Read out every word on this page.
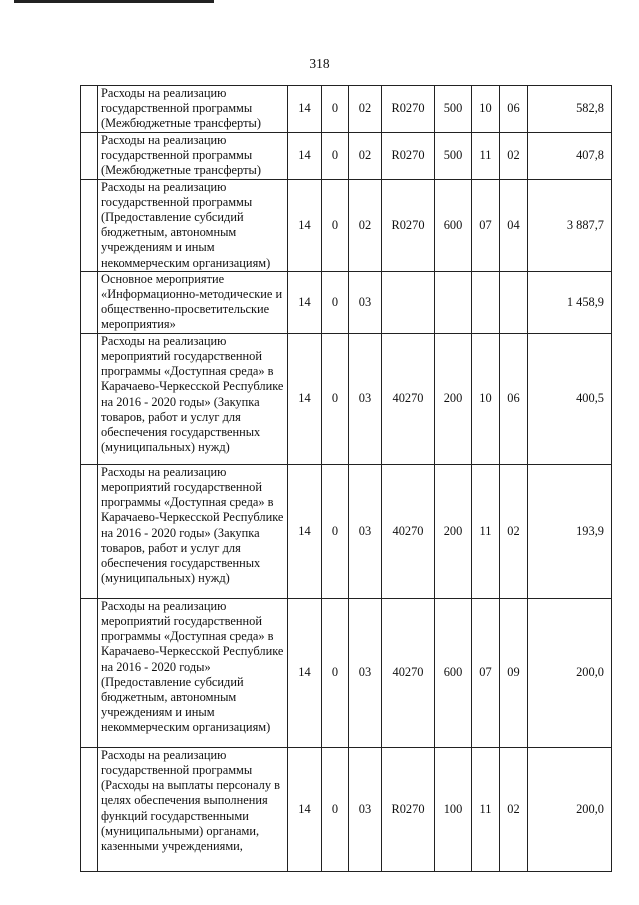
318
	Расходы на реализацию государственной программы (Межбюджетные трансферты)	14	0	02	R0270	500	10	06	582,8
	Расходы на реализацию государственной программы (Межбюджетные трансферты)	14	0	02	R0270	500	11	02	407,8
	Расходы на реализацию государственной программы (Предоставление субсидий бюджетным, автономным учреждениям и иным некоммерческим организациям)	14	0	02	R0270	600	07	04	3 887,7
	Основное мероприятие «Информационно-методические и общественно-просветительские мероприятия»	14	0	03					1 458,9
	Расходы на реализацию мероприятий государственной программы «Доступная среда» в Карачаево-Черкесской Республике на 2016 - 2020 годы» (Закупка товаров, работ и услуг для обеспечения государственных (муниципальных) нужд)	14	0	03	40270	200	10	06	400,5
	Расходы на реализацию мероприятий государственной программы «Доступная среда» в Карачаево-Черкесской Республике на 2016 - 2020 годы» (Закупка товаров, работ и услуг для обеспечения государственных (муниципальных) нужд)	14	0	03	40270	200	11	02	193,9
	Расходы на реализацию мероприятий государственной программы «Доступная среда» в Карачаево-Черкесской Республике на 2016 - 2020 годы» (Предоставление субсидий бюджетным, автономным учреждениям и иным некоммерческим организациям)	14	0	03	40270	600	07	09	200,0
	Расходы на реализацию государственной программы (Расходы на выплаты персоналу в целях обеспечения выполнения функций государственными (муниципальными) органами, казенными учреждениями,	14	0	03	R0270	100	11	02	200,0
